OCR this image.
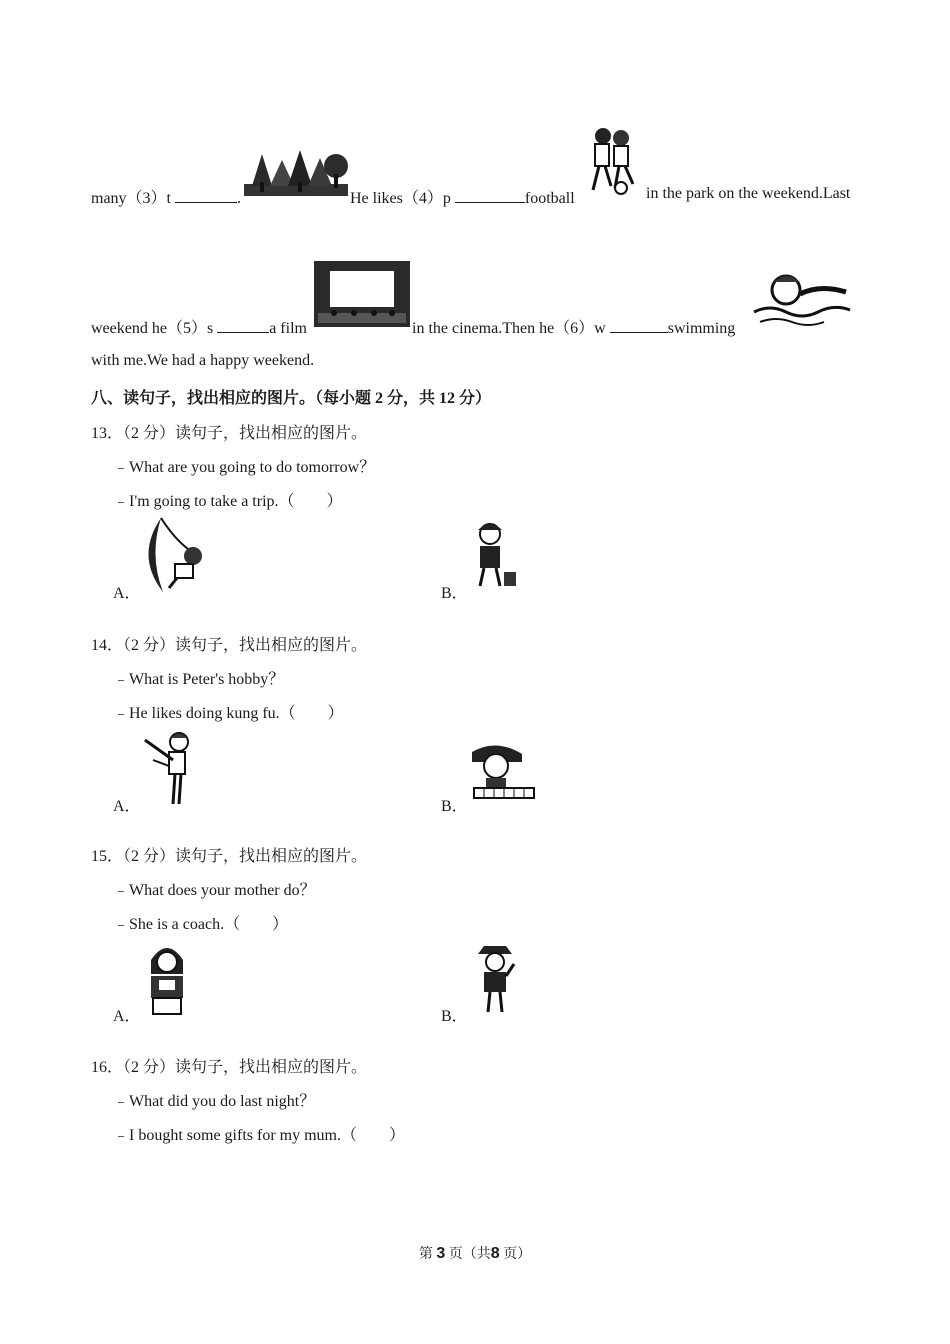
many（3）t	.	He likes（4）p	football	in the park on the weekend.Last
weekend he（5）s	a film	in the cinema.Then he（6）w	swimming
with me.We had a happy weekend.
八、读句子，找出相应的图片。（每小题 2 分，共 12 分）
13．（2 分）读句子，找出相应的图片。
﹣What are you going to do tomorrow？
﹣I'm going to take a trip.（　　）
A．	B．
14．（2 分）读句子，找出相应的图片。
﹣What is Peter's hobby？
﹣He likes doing kung fu.（　　）
A．	B．
15．（2 分）读句子，找出相应的图片。
﹣What does your mother do？
﹣She is a coach.（　　）
A．	B．
16．（2 分）读句子，找出相应的图片。
﹣What did you do last night？
﹣I bought some gifts for my mum.（　　）
第 3 页（共8 页）
